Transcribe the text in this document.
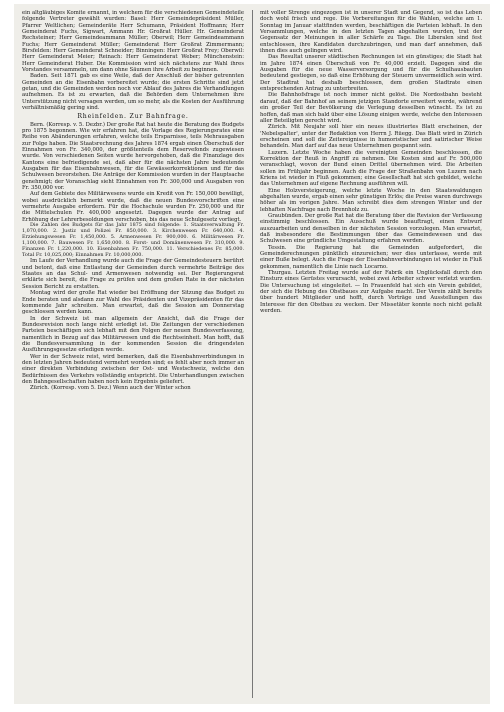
ein altgläubiges Komite ernannt, in welchem für die verschiedenen Gemeindeteile folgende Vertreter gewählt wurden: Basel: Herr Gemeindepräsident Müller, Pfarrer Weltlichen; Gemeinderäte Herr Schumann, Präsident Hoffmann; Herr Gemeinderat Fuchs, Sigwart, Ammann Hr. Großrat Hüller. Hr. Gemeinderat Rechsteiner; Herr Gemeindeammann Müller; Oberwil; Herr Gemeindeammann Fuchs; Herr Gemeinderat Müller; Gemeinderat Herr Großrat Zimmermann; Birsfelden: Herr Gemeinderat Schneider; Binningen: Herr Großrat Frey; Oberwil: Herr Gemeinderat Meier; Reinach: Herr Gemeinderat Weber; Münchenstein: Herr Gemeinderat Huber. Die Kommission wird sich nächstens zur Wahl ihres Vorstandes versammeln, um dann ohne Säumen ihre Arbeit zu beginnen.

Baden. Seit 1871 gab es eine Weile, daß der Anschluß der bisher getrennten Gemeinden an die Eisenbahn vorbereitet wurde; die ersten Schritte sind jetzt getan, und die Gemeinden werden noch vor Ablauf des Jahres die Verhandlungen aufnehmen. Es ist zu erwarten, daß die Behörden dem Unternehmen ihre Unterstützung nicht versagen werden, um so mehr, als die Kosten der Ausführung verhältnismäßig gering sind.

Rheinfelden. Zur Bahnfrage.

Bern. (Korresp. v. 5. Dezbr.) Der große Rat hat heute die Beratung des Budgets pro 1875 begonnen. Wie wir erfahren hat, die Vorlage des Regierungsrates eine Reihe von Abänderungen erfahren, welche teils Ersparnisse, teils Mehrausgaben zur Folge haben. Die Staatsrechnung des Jahres 1874 ergab einen Überschuß der Einnahmen von Fr. 340,000, der größtenteils dem Reservefonds zugewiesen wurde. Von verschiedenen Seiten wurde hervorgehoben, daß die Finanzlage des Kantons eine befriedigende sei, daß aber für die nächsten Jahre bedeutende Ausgaben für das Eisenbahnwesen, für die Gewässerkorrektionen und für das Schulwesen bevorstehen. Die Anträge der Kommission wurden in der Hauptsache genehmigt; der Voranschlag sieht Einnahmen von Fr. 300,000 und Ausgaben von Fr. 350,000 vor.

Auf dem Gebiete des Militärwesens wurde ein Kredit von Fr. 150,000 bewilligt, wobei ausdrücklich bemerkt wurde, daß die neuen Bundesvorschriften eine vermehrte Ausgabe erfordern. Für die Hochschule wurden Fr. 250,000 und für die Mittelschulen Fr. 400,000 angesetzt. Dagegen wurde der Antrag auf Erhöhung der Lehrerbesoldungen verschoben, bis das neue Schulgesetz vorliegt.

Die Zahlen des Budgets für das Jahr 1875 sind folgende: 1. Staatsverwaltung Fr. 1,070,000. 2. Justiz und Polizei Fr. 850,000. 3. Kirchenwesen Fr. 640,000. 4. Erziehungswesen Fr. 1,450,000. 5. Armenwesen Fr. 900,000. 6. Militärwesen Fr. 1,100,000. 7. Bauwesen Fr. 1,650,000. 8. Forst- und Domänenwesen Fr. 310,000. 9. Finanzen Fr. 1,220,000. 10. Eisenbahnen Fr. 750,000. 11. Verschiedenes Fr. 85,000. Total Fr. 10,025,000; Einnahmen Fr. 10,000,000.

Im Laufe der Verhandlung wurde auch die Frage der Gemeindesteuern berührt und betont, daß eine Entlastung der Gemeinden durch vermehrte Beiträge des Staates an das Schul- und Armenwesen notwendig sei. Der Regierungsrat erklärte sich bereit, die Frage zu prüfen und dem großen Rate in der nächsten Session Bericht zu erstatten.

Montag wird der große Rat wieder bei Eröffnung der Sitzung das Budget zu Ende beraten und alsdann zur Wahl des Präsidenten und Vizepräsidenten für das kommende Jahr schreiten. Man erwartet, daß die Session am Donnerstag geschlossen werden kann.

In der Schweiz ist man allgemein der Ansicht, daß die Frage der Bundesrevision noch lange nicht erledigt ist. Die Zeitungen der verschiedenen Parteien beschäftigen sich lebhaft mit den Folgen der neuen Bundesverfassung, namentlich in Bezug auf das Militärwesen und die Rechtseinheit. Man hofft, daß die Bundesversammlung in der kommenden Session die dringendsten Ausführungsgesetze erledigen werde.

Wer in der Schweiz reist, wird bemerken, daß die Eisenbahnverbindungen in den letzten Jahren bedeutend vermehrt worden sind; es fehlt aber noch immer an einer direkten Verbindung zwischen der Ost- und Westschweiz, welche den Bedürfnissen des Verkehrs vollständig entspricht. Die Unterhandlungen zwischen den Bahngesellschaften haben noch kein Ergebnis geliefert.

Zürich. (Korresp. vom 5. Dez.) Wenn auch der Winter schon

mit voller Strenge eingezogen ist in unserer Stadt und Gegend, so ist das Leben doch wohl frisch und rege. Die Vorbereitungen für die Wahlen, welche am 1. Sonntag im Januar stattfinden werden, beschäftigen die Parteien lebhaft. In den Versammlungen, welche in den letzten Tagen abgehalten wurden, trat der Gegensatz der Meinungen in aller Schärfe zu Tage. Die Liberalen sind fest entschlossen, ihre Kandidaten durchzubringen, und man darf annehmen, daß ihnen dies auch gelingen wird.

Das Resultat unserer städtischen Rechnungen ist ein günstiges; die Stadt hat im Jahre 1874 einen Überschuß von Fr. 40,000 erzielt. Dagegen sind die Ausgaben für die neue Wasserversorgung und für die Schulhausbauten bedeutend gestiegen, so daß eine Erhöhung der Steuern unvermeidlich sein wird. Der Stadtrat hat deshalb beschlossen, dem großen Stadtrate einen entsprechenden Antrag zu unterbreiten.

Die Bahnhofsfrage ist noch immer nicht gelöst. Die Nordostbahn besteht darauf, daß der Bahnhof an seinem jetzigen Standorte erweitert werde, während ein großer Teil der Bevölkerung die Verlegung desselben wünscht. Es ist zu hoffen, daß man sich bald über eine Lösung einigen werde, welche den Interessen aller Beteiligten gerecht wird.

Zürich. Mit Neujahr soll hier ein neues illustriertes Blatt erscheinen, der 'Nebelspalter', unter der Redaktion von Herrn J. Rüegg. Das Blatt wird in Zürich erscheinen und soll die Zeitereignisse in humoristischer und satirischer Weise behandeln. Man darf auf das neue Unternehmen gespannt sein.

Luzern. Letzte Woche haben die vereinigten Gemeinden beschlossen, die Korrektion der Reuß in Angriff zu nehmen. Die Kosten sind auf Fr. 500,000 veranschlagt, wovon der Bund einen Drittel übernehmen wird. Die Arbeiten sollen im Frühjahr beginnen. Auch die Frage der Straßenbahn von Luzern nach Kriens ist wieder in Fluß gekommen; eine Gesellschaft hat sich gebildet, welche das Unternehmen auf eigene Rechnung ausführen will.

Eine Holzversteigerung, welche letzte Woche in den Staatswaldungen abgehalten wurde, ergab einen sehr günstigen Erlös; die Preise waren durchwegs höher als im vorigen Jahre. Man schreibt dies dem strengen Winter und der lebhaften Nachfrage nach Brennholz zu.

Graubünden. Der große Rat hat die Beratung über die Revision der Verfassung einstimmig beschlossen. Ein Ausschuß wurde beauftragt, einen Entwurf auszuarbeiten und denselben in der nächsten Session vorzulegen. Man erwartet, daß insbesondere die Bestimmungen über das Gemeindewesen und das Schulwesen eine gründliche Umgestaltung erfahren werden.

Tessin. Die Regierung hat die Gemeinden aufgefordert, die Gemeinderechnungen pünktlich einzureichen; wer dies unterlasse, werde mit einer Buße belegt. Auch die Frage der Eisenbahnverbindungen ist wieder in Fluß gekommen, namentlich die Linie nach Locarno.

Thurgau. Letzten Freitag wurde auf der Fabrik ein Unglücksfall durch den Einsturz eines Gerüstes verursacht, wobei zwei Arbeiter schwer verletzt wurden. Die Untersuchung ist eingeleitet. — In Frauenfeld hat sich ein Verein gebildet, der sich die Hebung des Obstbaues zur Aufgabe macht. Der Verein zählt bereits über hundert Mitglieder und hofft, durch Vorträge und Ausstellungen das Interesse für den Obstbau zu wecken. Der Missetäter konnte noch nicht gefaßt werden.
